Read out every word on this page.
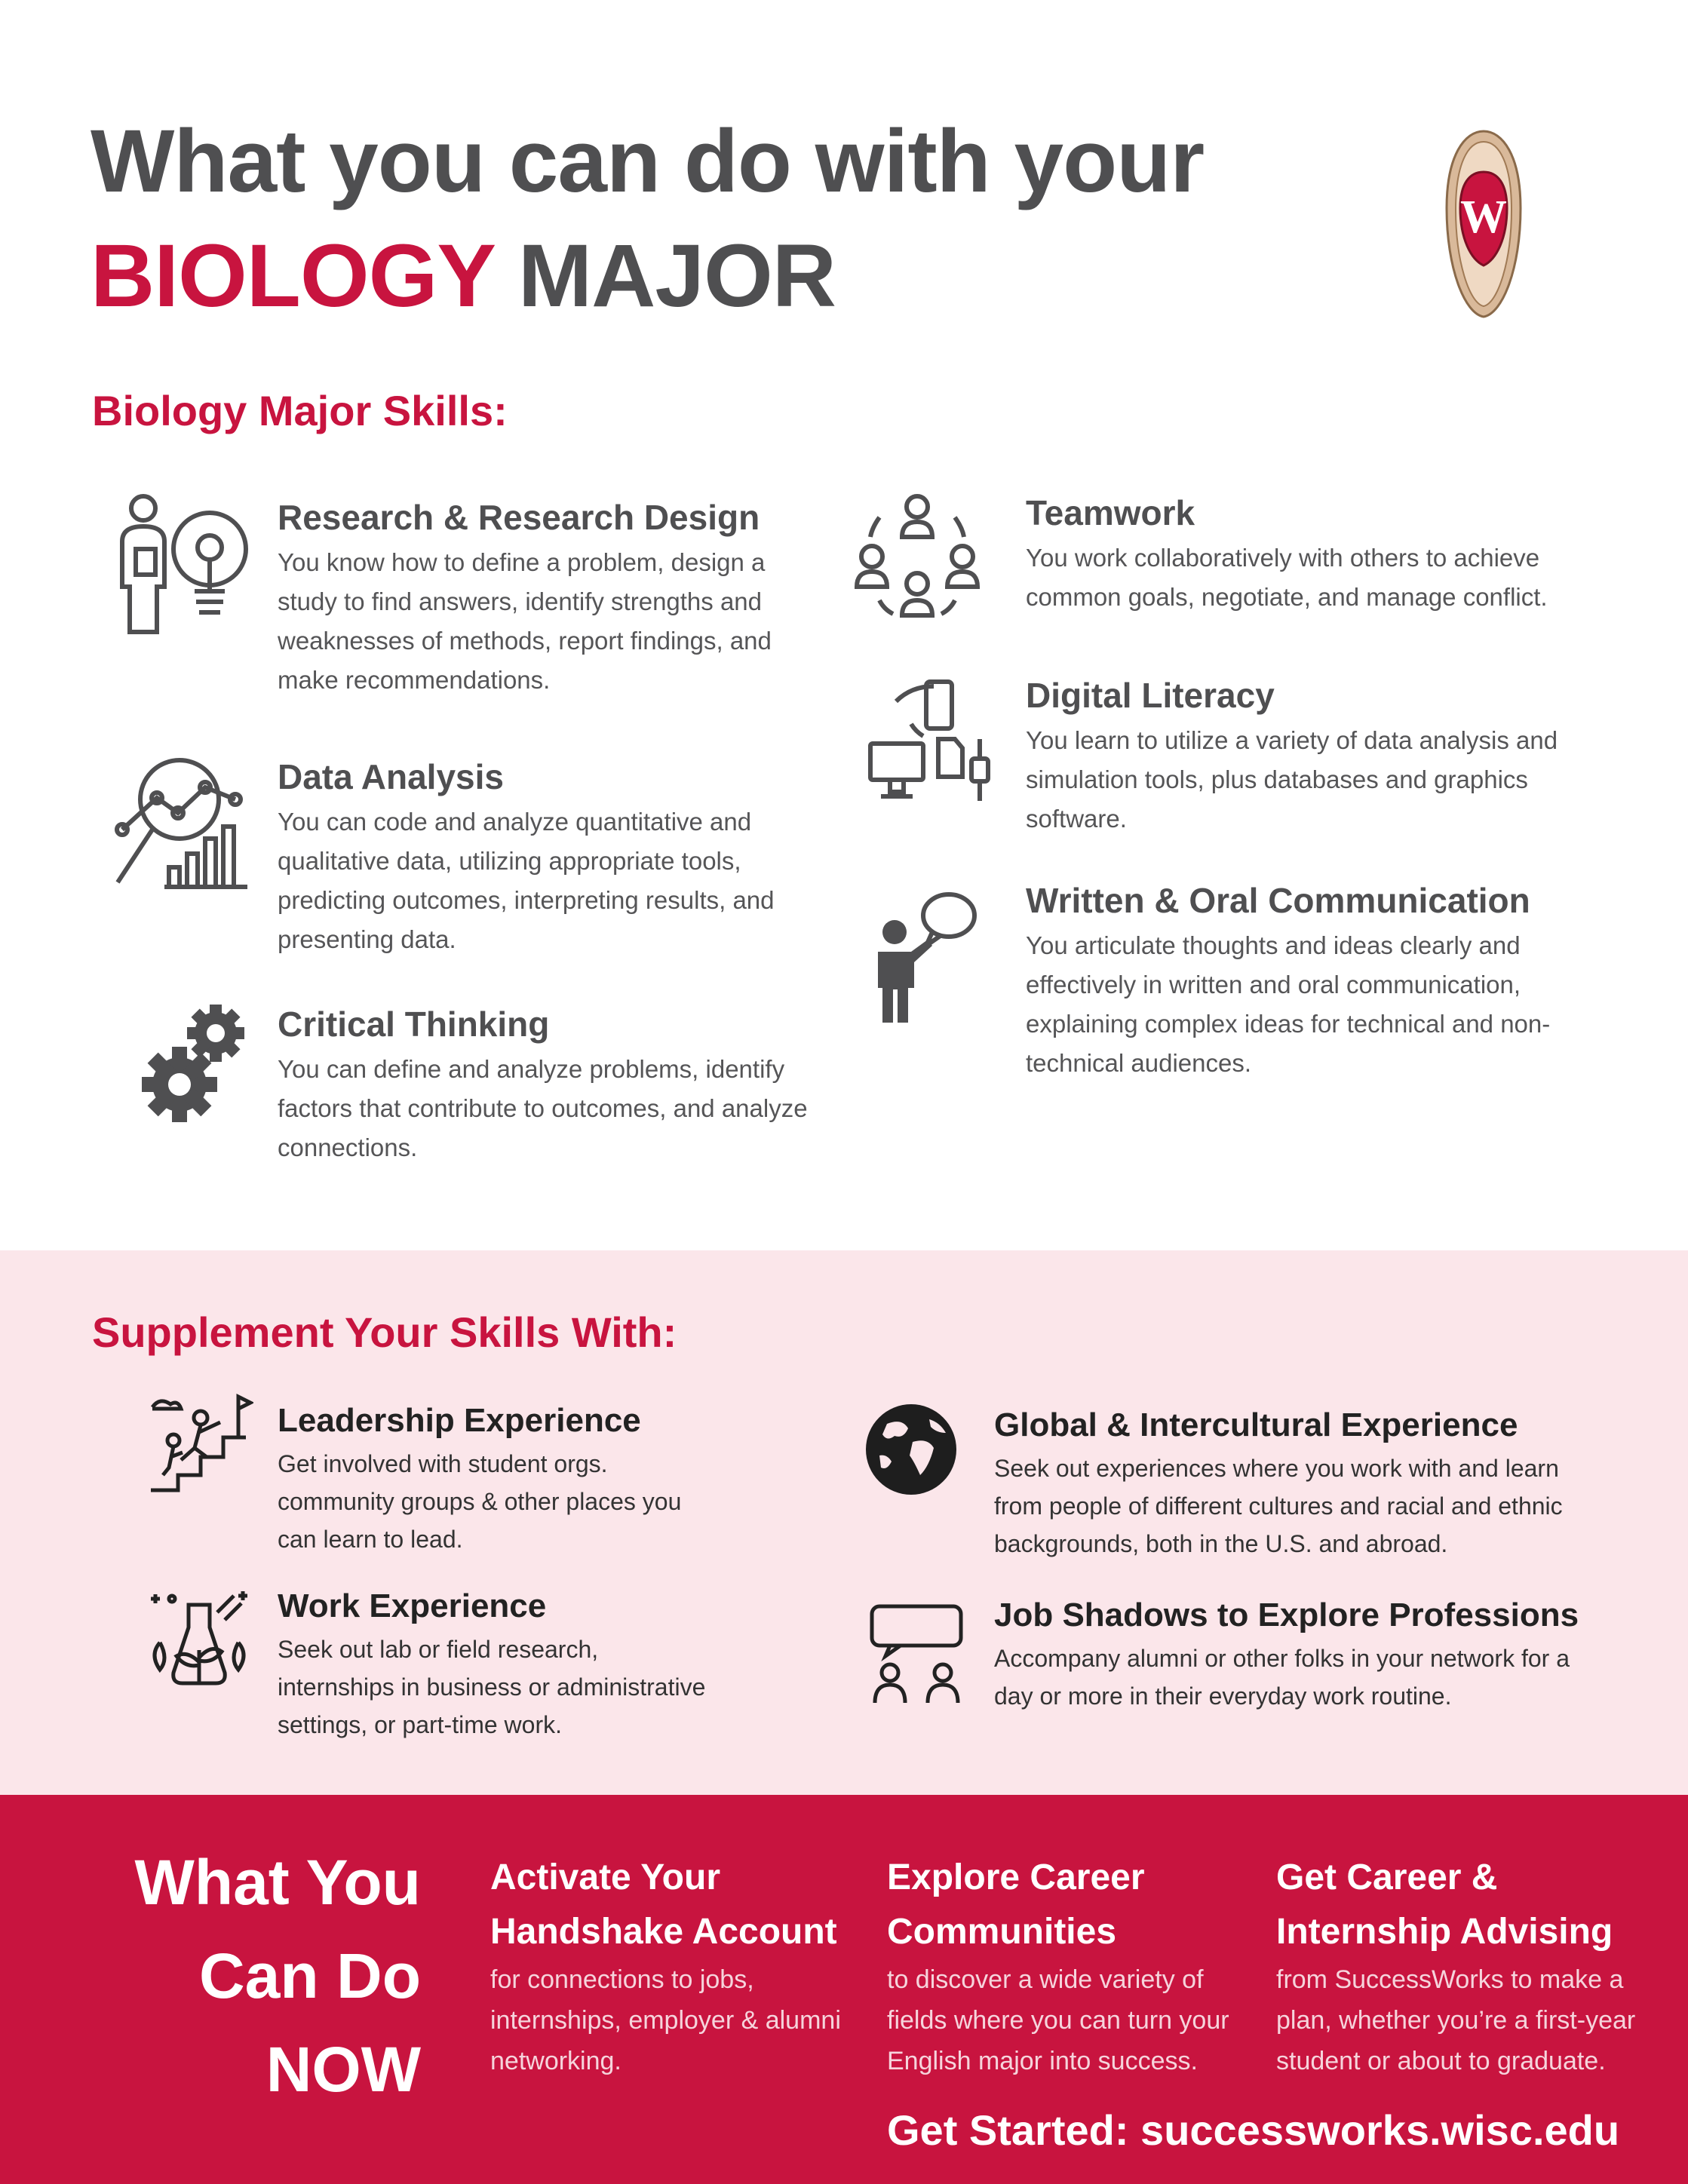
What you can do with your
BIOLOGY MAJOR
W
Biology Major Skills:
Research & Research Design

You know how to define a problem, design a study to find answers, identify strengths and weaknesses of methods, report findings, and make recommendations.

Data Analysis

You can code and analyze quantitative and qualitative data, utilizing appropriate tools, predicting outcomes, interpreting results, and presenting data.

Critical Thinking

You can define and analyze problems, identify factors that contribute to outcomes, and analyze connections.

Teamwork

You work collaboratively with others to achieve common goals, negotiate, and manage conflict.

Digital Literacy

You learn to utilize a variety of data analysis and simulation tools, plus databases and graphics software.

Written & Oral Communication

You articulate thoughts and ideas clearly and effectively in written and oral communication, explaining complex ideas for technical and non-technical audiences.

Supplement Your Skills With:
Leadership Experience

Get involved with student orgs. community groups & other places you can learn to lead.

Work Experience

Seek out lab or field research, internships in business or administrative settings, or part-time work.

Global & Intercultural Experience

Seek out experiences where you work with and learn from people of different cultures and racial and ethnic backgrounds, both in the U.S. and abroad.

Job Shadows to Explore Professions

Accompany alumni or other folks in your network for a day or more in their everyday work routine.

What You
Can Do
NOW

Activate Your Handshake Account

for connections to jobs, internships, employer & alumni networking.

Explore Career Communities

to discover a wide variety of fields where you can turn your English major into success.

Get Career & Internship Advising

from SuccessWorks to make a plan, whether you’re a first-year student or about to graduate.

Get Started: successworks.wisc.edu
